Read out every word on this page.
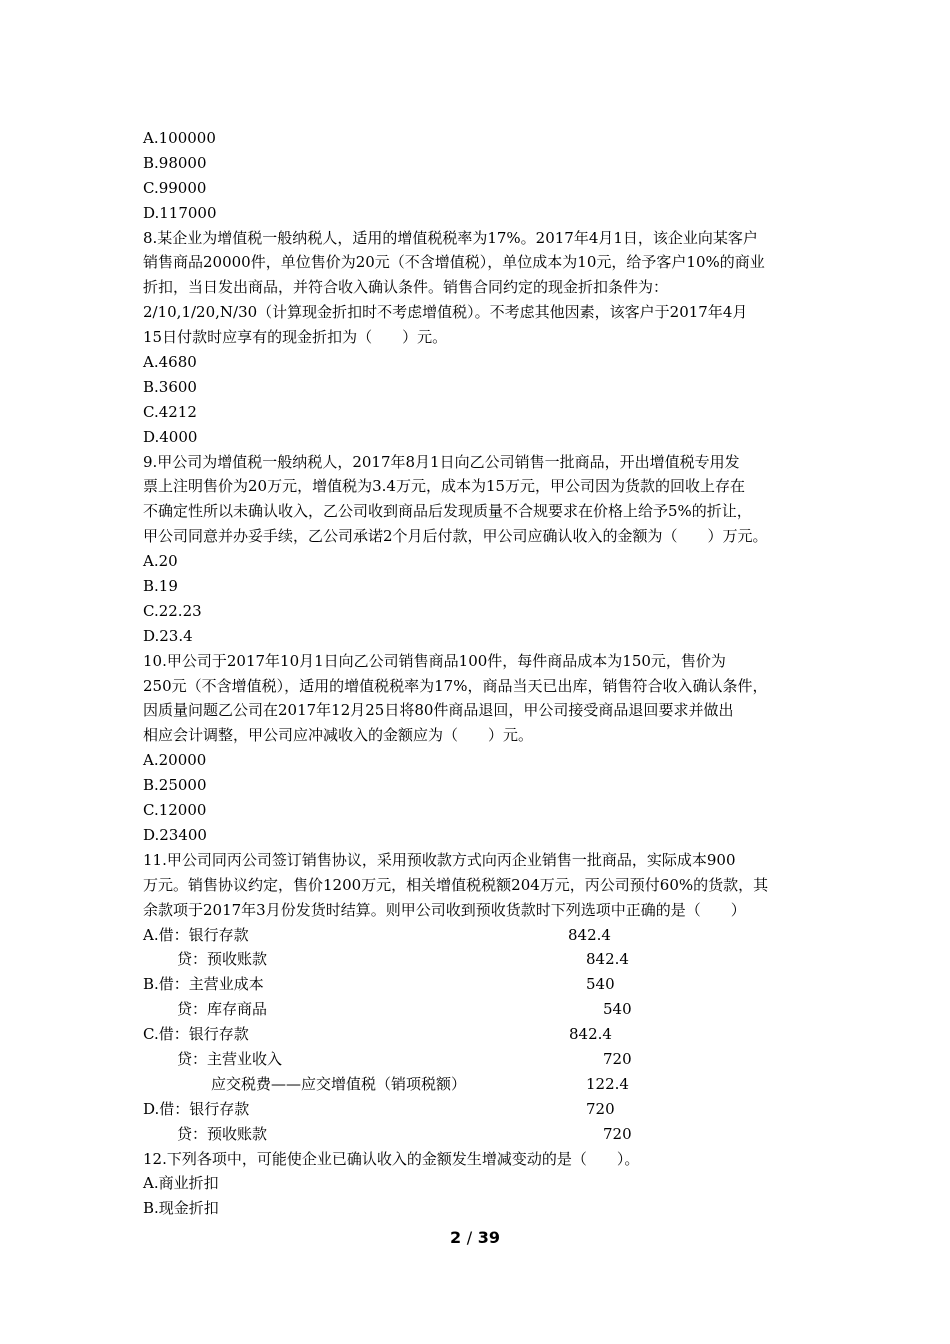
A.100000
B.98000
C.99000
D.117000
8.某企业为增值税一般纳税人，适用的增值税税率为17%。2017年4月1日，该企业向某客户
销售商品20000件，单位售价为20元（不含增值税），单位成本为10元，给予客户10%的商业
折扣，当日发出商品，并符合收入确认条件。销售合同约定的现金折扣条件为：
2/10,1/20,N/30（计算现金折扣时不考虑增值税）。不考虑其他因素，该客户于2017年4月
15日付款时应享有的现金折扣为（　　）元。
A.4680
B.3600
C.4212
D.4000
9.甲公司为增值税一般纳税人，2017年8月1日向乙公司销售一批商品，开出增值税专用发
票上注明售价为20万元，增值税为3.4万元，成本为15万元，甲公司因为货款的回收上存在
不确定性所以未确认收入，乙公司收到商品后发现质量不合规要求在价格上给予5%的折让，
甲公司同意并办妥手续，乙公司承诺2个月后付款，甲公司应确认收入的金额为（　　）万元。
A.20
B.19
C.22.23
D.23.4
10.甲公司于2017年10月1日向乙公司销售商品100件，每件商品成本为150元，售价为
250元（不含增值税），适用的增值税税率为17%，商品当天已出库，销售符合收入确认条件，
因质量问题乙公司在2017年12月25日将80件商品退回，甲公司接受商品退回要求并做出
相应会计调整，甲公司应冲减收入的金额应为（　　）元。
A.20000
B.25000
C.12000
D.23400
11.甲公司同丙公司签订销售协议，采用预收款方式向丙企业销售一批商品，实际成本900
万元。销售协议约定，售价1200万元，相关增值税税额204万元，丙公司预付60%的货款，其
余款项于2017年3月份发货时结算。则甲公司收到预收货款时下列选项中正确的是（　　）
A.借：银行存款	842.4
贷：预收账款	842.4
B.借：主营业成本	540
贷：库存商品	540
C.借：银行存款	842.4
贷：主营业收入	720
应交税费——应交增值税（销项税额）	122.4
D.借：银行存款	720
贷：预收账款	720
12.下列各项中，可能使企业已确认收入的金额发生增减变动的是（　　）。
A.商业折扣
B.现金折扣
2 / 39
